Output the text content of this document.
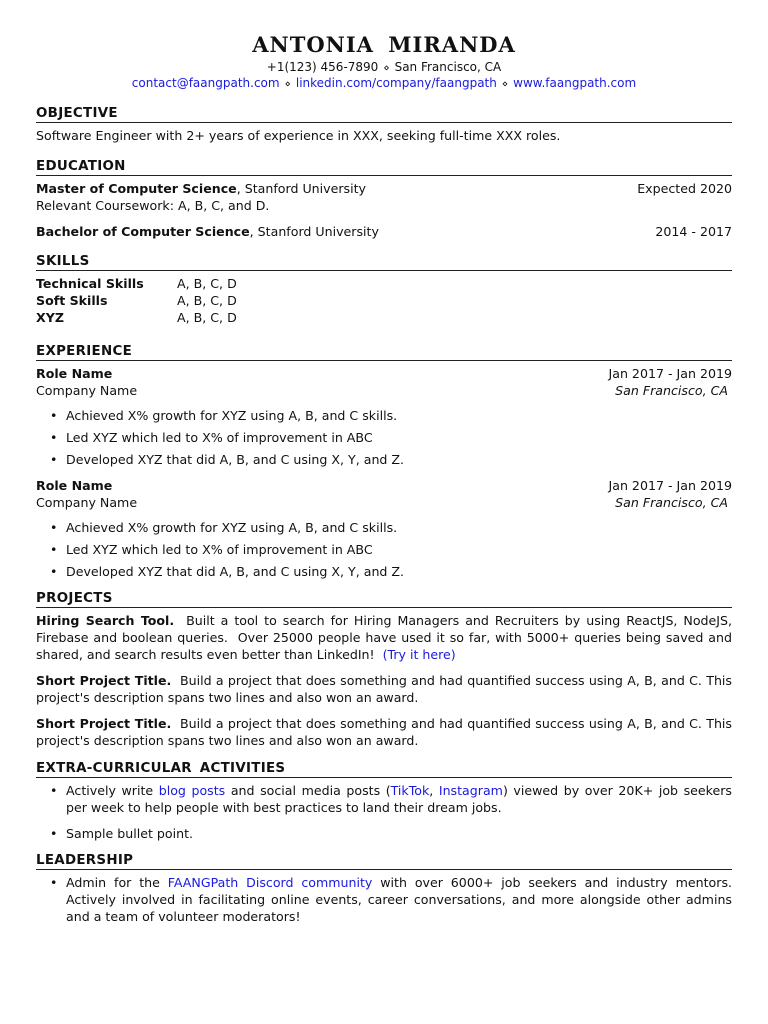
ANTONIA MIRANDA
+1(123) 456-7890 ⋄ San Francisco, CA
contact@faangpath.com ⋄ linkedin.com/company/faangpath ⋄ www.faangpath.com
OBJECTIVE
Software Engineer with 2+ years of experience in XXX, seeking full-time XXX roles.
EDUCATION
Master of Computer Science, Stanford University	Expected 2020
Relevant Coursework: A, B, C, and D.
Bachelor of Computer Science, Stanford University	2014 - 2017
SKILLS
Technical Skills	A, B, C, D
Soft Skills	A, B, C, D
XYZ	A, B, C, D
EXPERIENCE
Role Name	Jan 2017 - Jan 2019
Company Name	San Francisco, CA
• Achieved X% growth for XYZ using A, B, and C skills.
• Led XYZ which led to X% of improvement in ABC
• Developed XYZ that did A, B, and C using X, Y, and Z.
Role Name	Jan 2017 - Jan 2019
Company Name	San Francisco, CA
• Achieved X% growth for XYZ using A, B, and C skills.
• Led XYZ which led to X% of improvement in ABC
• Developed XYZ that did A, B, and C using X, Y, and Z.
PROJECTS
Hiring Search Tool.  Built a tool to search for Hiring Managers and Recruiters by using ReactJS, NodeJS, Firebase and boolean queries.  Over 25000 people have used it so far, with 5000+ queries being saved and shared, and search results even better than LinkedIn!  (Try it here)
Short Project Title.  Build a project that does something and had quantified success using A, B, and C. This project's description spans two lines and also won an award.
Short Project Title.  Build a project that does something and had quantified success using A, B, and C. This project's description spans two lines and also won an award.
EXTRA-CURRICULAR ACTIVITIES
• Actively write blog posts and social media posts (TikTok, Instagram) viewed by over 20K+ job seekers per week to help people with best practices to land their dream jobs.
• Sample bullet point.
LEADERSHIP
• Admin for the FAANGPath Discord community with over 6000+ job seekers and industry mentors. Actively involved in facilitating online events, career conversations, and more alongside other admins and a team of volunteer moderators!
